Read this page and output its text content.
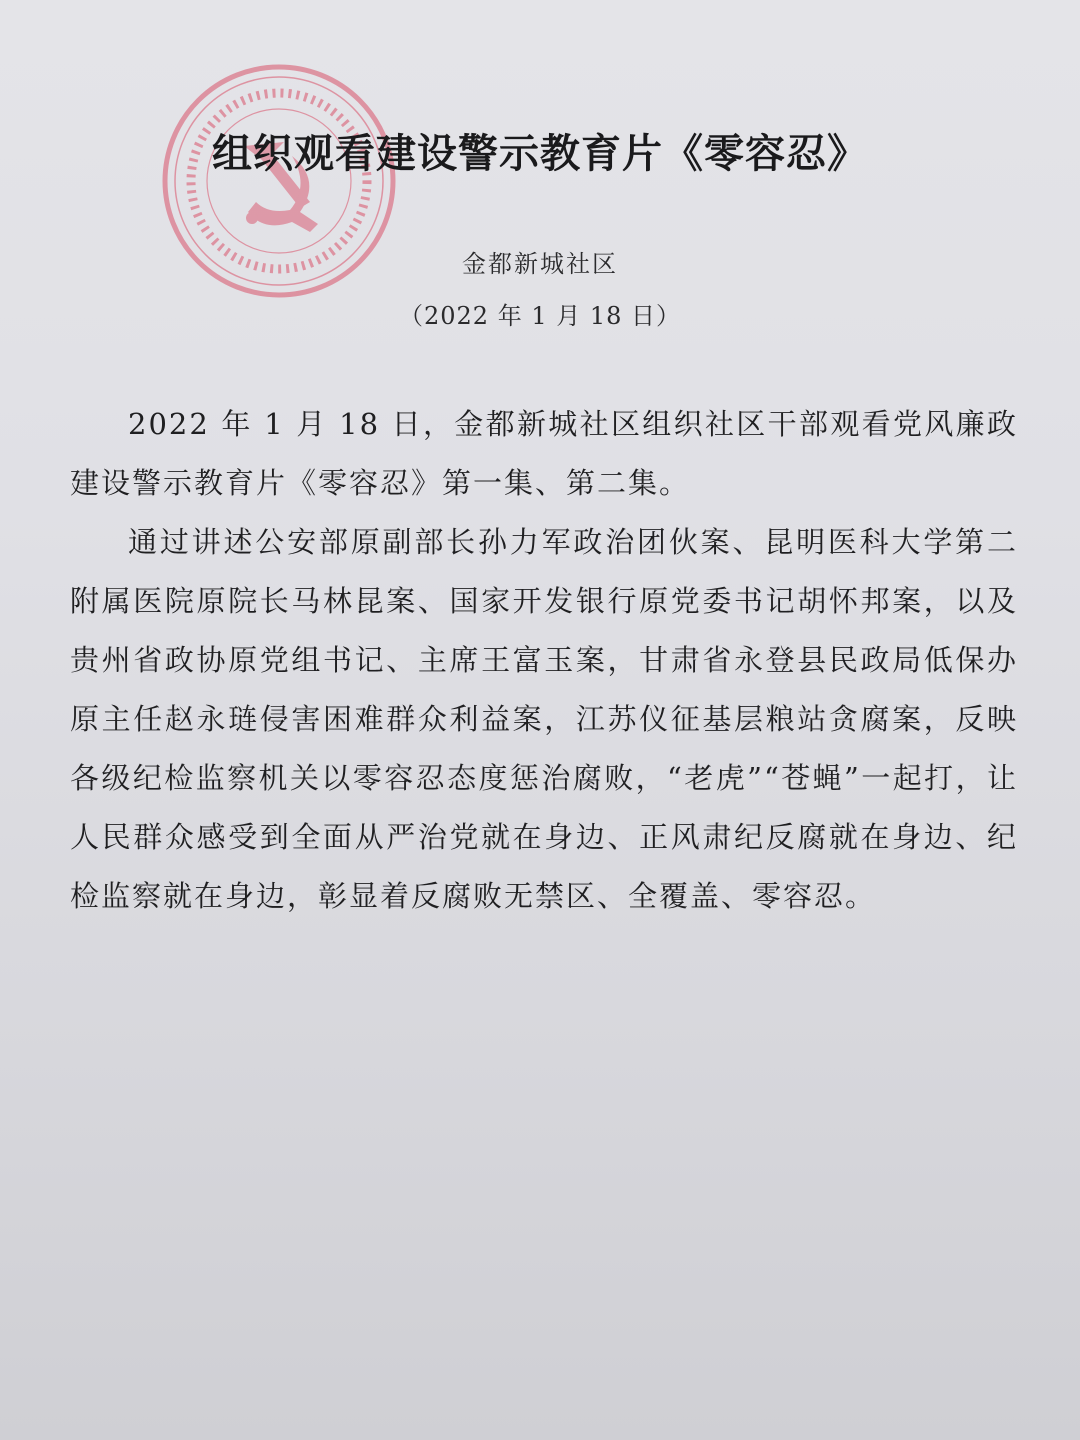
组织观看建设警示教育片《零容忍》

金都新城社区

（2022 年 1 月 18 日）

2022 年 1 月 18 日，金都新城社区组织社区干部观看党风廉政建设警示教育片《零容忍》第一集、第二集。

通过讲述公安部原副部长孙力军政治团伙案、昆明医科大学第二附属医院原院长马林昆案、国家开发银行原党委书记胡怀邦案，以及贵州省政协原党组书记、主席王富玉案，甘肃省永登县民政局低保办原主任赵永琏侵害困难群众利益案，江苏仪征基层粮站贪腐案，反映各级纪检监察机关以零容忍态度惩治腐败，“老虎”“苍蝇”一起打，让人民群众感受到全面从严治党就在身边、正风肃纪反腐就在身边、纪检监察就在身边，彰显着反腐败无禁区、全覆盖、零容忍。
